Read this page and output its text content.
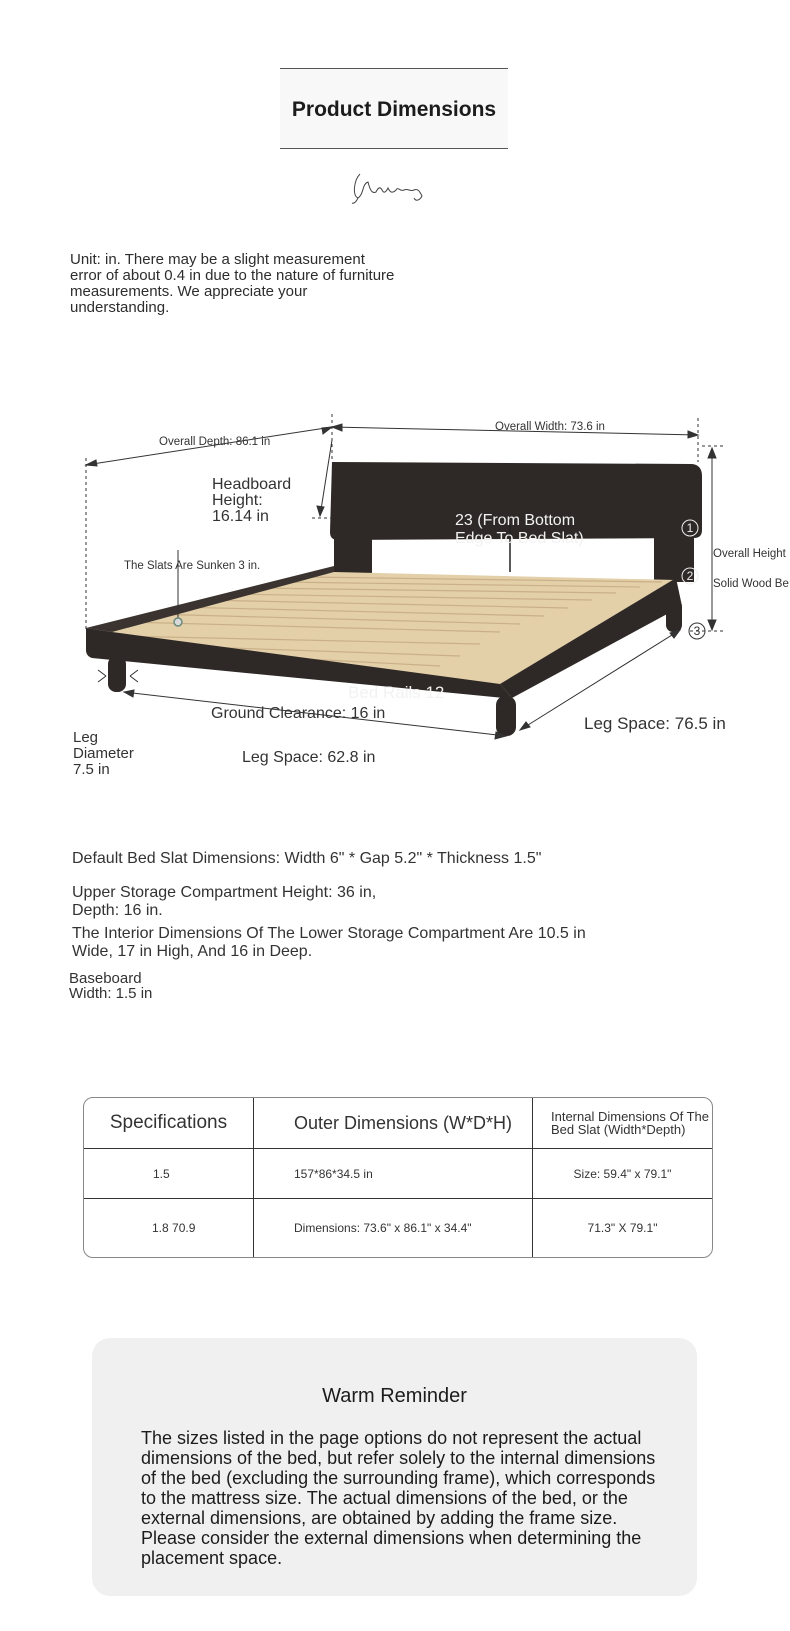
Product Dimensions
Unit: in. There may be a slight measurement error of about 0.4 in due to the nature of furniture measurements. We appreciate your understanding.
Overall Depth: 86.1 in
Overall Width: 73.6 in
Headboard
Height:
16.14 in	23 (From Bottom
Edge To Bed Slat)
The Slats Are Sunken 3 in.
Overall Height
Solid Wood Be
1
2
3
Bed Rails 12
Ground Clearance: 16 in
Leg Space: 76.5 in
Leg Space: 62.8 in
Leg
Diameter
7.5 in
Default Bed Slat Dimensions: Width 6" * Gap 5.2" * Thickness 1.5"
Upper Storage Compartment Height: 36 in,
Depth: 16 in.
The Interior Dimensions Of The Lower Storage Compartment Are 10.5 in
Wide, 17 in High, And 16 in Deep.
Baseboard
Width: 1.5 in
Specifications	Outer Dimensions (W*D*H)	Internal Dimensions Of The Bed Slat (Width*Depth)
1.5	157*86*34.5 in	Size: 59.4" x 79.1"
1.8 70.9	Dimensions: 73.6" x 86.1" x 34.4"	71.3" X 79.1"
Warm Reminder
The sizes listed in the page options do not represent the actual dimensions of the bed, but refer solely to the internal dimensions of the bed (excluding the surrounding frame), which corresponds to the mattress size. The actual dimensions of the bed, or the external dimensions, are obtained by adding the frame size. Please consider the external dimensions when determining the placement space.
